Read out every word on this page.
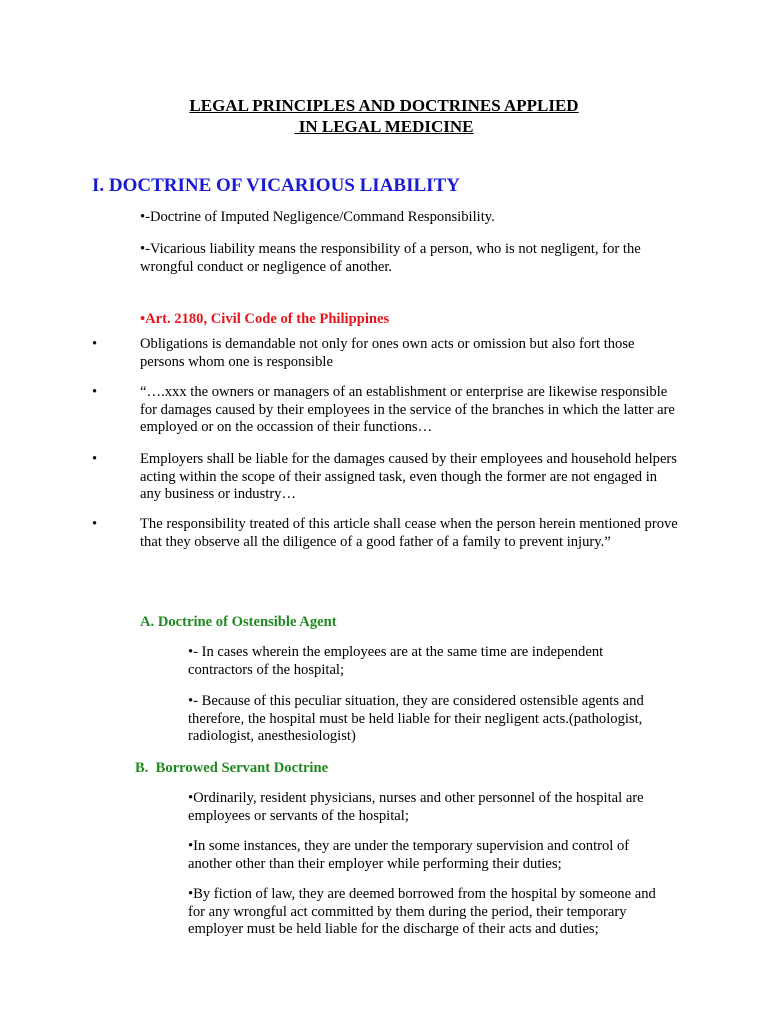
LEGAL PRINCIPLES AND DOCTRINES APPLIED
IN LEGAL MEDICINE
I. DOCTRINE OF VICARIOUS LIABILITY
•-Doctrine of Imputed Negligence/Command Responsibility.
•-Vicarious liability means the responsibility of a person, who is not negligent, for the wrongful conduct or negligence of another.
•Art. 2180, Civil Code of the Philippines
•	Obligations is demandable not only for ones own acts or omission but also fort those persons whom one is responsible
•	“….xxx the owners or managers of an establishment or enterprise are likewise responsible for damages caused by their employees in the service of the branches in which the latter are employed or on the occassion of their functions…
•	Employers shall be liable for the damages caused by their employees and household helpers acting within the scope of their assigned task, even though the former are not engaged in any business or industry…
•	The responsibility treated of this article shall cease when the person herein mentioned prove that they observe all the diligence of a good father of a family to prevent injury.”
A. Doctrine of Ostensible Agent
•- In cases wherein the employees are at the same time are independent contractors of the hospital;
•- Because of this peculiar situation, they are considered ostensible agents and therefore, the hospital must be held liable for their negligent acts.(pathologist, radiologist, anesthesiologist)
B.  Borrowed Servant Doctrine
•Ordinarily, resident physicians, nurses and other personnel of the hospital are employees or servants of the hospital;
•In some instances, they are under the temporary supervision and control of another other than their employer while performing their duties;
•By fiction of law, they are deemed borrowed from the hospital by someone and for any wrongful act committed by them during the period, their temporary employer must be held liable for the discharge of their acts and duties;
